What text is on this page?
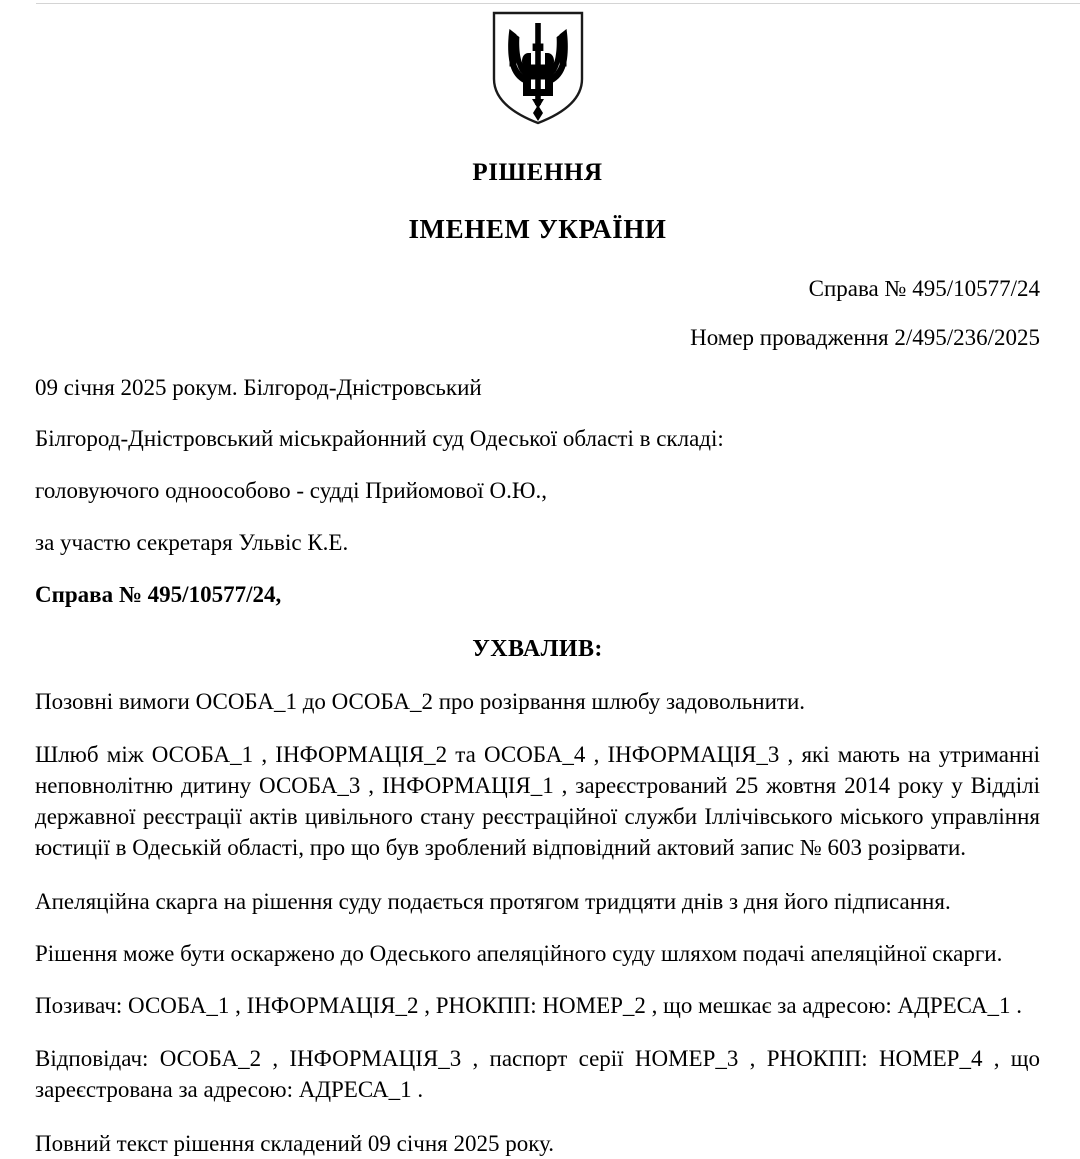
РІШЕННЯ
ІМЕНЕМ УКРАЇНИ
Справа № 495/10577/24
Номер провадження 2/495/236/2025

09 січня 2025 рокум. Білгород-Дністровський

Білгород-Дністровський міськрайонний суд Одеської області в складі:

головуючого одноособово - судді Прийомової О.Ю.,

за участю секретаря Ульвіс К.Е.

Справа № 495/10577/24,

УХВАЛИВ:

Позовні вимоги ОСОБА_1 до ОСОБА_2 про розірвання шлюбу задовольнити.

Шлюб між ОСОБА_1 , ІНФОРМАЦІЯ_2 та ОСОБА_4 , ІНФОРМАЦІЯ_3 , які мають на утриманні неповнолітню дитину ОСОБА_3 , ІНФОРМАЦІЯ_1 , зареєстрований 25 жовтня 2014 року у Відділі державної реєстрації актів цивільного стану реєстраційної служби Іллічівського міського управління юстиції в Одеській області, про що був зроблений відповідний актовий запис № 603 розірвати.

Апеляційна скарга на рішення суду подається протягом тридцяти днів з дня його підписання.

Рішення може бути оскаржено до Одеського апеляційного суду шляхом подачі апеляційної скарги.

Позивач: ОСОБА_1 , ІНФОРМАЦІЯ_2 , РНОКПП: НОМЕР_2 , що мешкає за адресою: АДРЕСА_1 .

Відповідач: ОСОБА_2 , ІНФОРМАЦІЯ_3 , паспорт серії НОМЕР_3 , РНОКПП: НОМЕР_4 , що зареєстрована за адресою: АДРЕСА_1 .

Повний текст рішення складений 09 січня 2025 року.
